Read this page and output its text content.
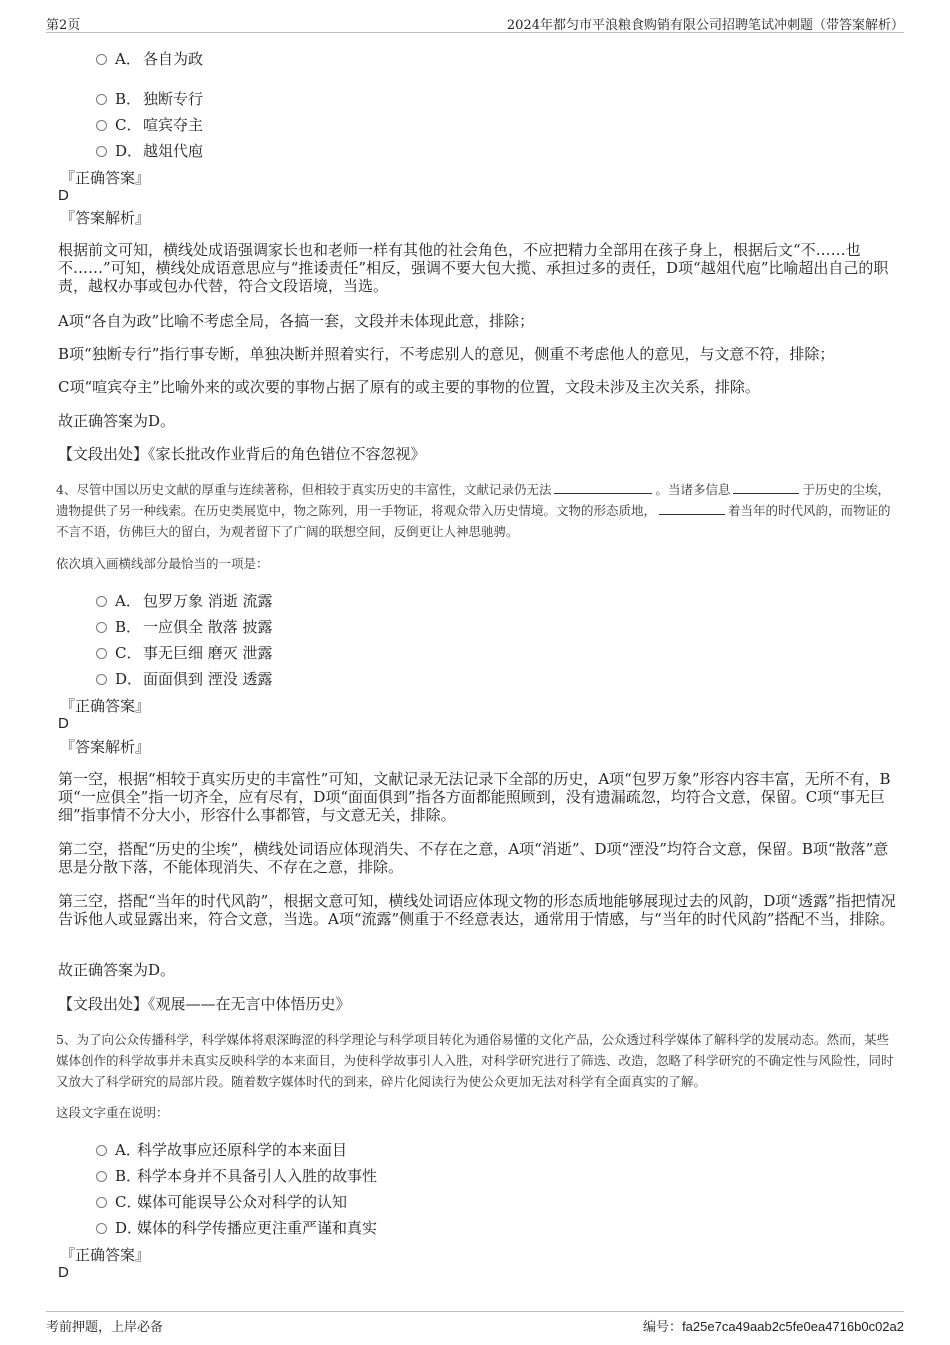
第2页	2024年都匀市平浪粮食购销有限公司招聘笔试冲刺题（带答案解析）
A． 各自为政
B． 独断专行
C． 喧宾夺主
D．越俎代庖
『正确答案』
D
『答案解析』
根据前文可知，横线处成语强调家长也和老师一样有其他的社会角色，不应把精力全部用在孩子身上，根据后文“不……也不……”可知，横线处成语意思应与“推诿责任”相反，强调不要大包大揽、承担过多的责任，D项“越俎代庖”比喻超出自己的职责，越权办事或包办代替，符合文段语境，当选。
A项“各自为政”比喻不考虑全局，各搞一套，文段并未体现此意，排除；
B项“独断专行”指行事专断，单独决断并照着实行，不考虑别人的意见，侧重不考虑他人的意见，与文意不符，排除；
C项“喧宾夺主”比喻外来的或次要的事物占据了原有的或主要的事物的位置，文段未涉及主次关系，排除。
故正确答案为D。
【文段出处】《家长批改作业背后的角色错位不容忽视》
4、尽管中国以历史文献的厚重与连续著称，但相较于真实历史的丰富性，文献记录仍无法	。当诸多信息	于历史的尘埃，遗物提供了另一种线索。在历史类展览中，物之陈列，用一手物证，将观众带入历史情境。文物的形态质地，	着当年的时代风韵，而物证的不言不语，仿佛巨大的留白，为观者留下了广阔的联想空间，反倒更让人神思驰骋。
依次填入画横线部分最恰当的一项是：
A． 包罗万象 消逝 流露
B． 一应俱全 散落 披露
C． 事无巨细 磨灭 泄露
D．面面俱到 湮没 透露
『正确答案』
D
『答案解析』
第一空，根据“相较于真实历史的丰富性”可知，文献记录无法记录下全部的历史，A项“包罗万象”形容内容丰富，无所不有，B项“一应俱全”指一切齐全，应有尽有，D项“面面俱到”指各方面都能照顾到，没有遗漏疏忽，均符合文意，保留。C项“事无巨细”指事情不分大小，形容什么事都管，与文意无关，排除。
第二空，搭配“历史的尘埃”，横线处词语应体现消失、不存在之意，A项“消逝”、D项“湮没”均符合文意，保留。B项“散落”意思是分散下落，不能体现消失、不存在之意，排除。
第三空，搭配“当年的时代风韵”，根据文意可知，横线处词语应体现文物的形态质地能够展现过去的风韵，D项“透露”指把情况告诉他人或显露出来，符合文意，当选。A项“流露”侧重于不经意表达，通常用于情感，与“当年的时代风韵”搭配不当，排除。
故正确答案为D。
【文段出处】《观展——在无言中体悟历史》
5、为了向公众传播科学，科学媒体将艰深晦涩的科学理论与科学项目转化为通俗易懂的文化产品，公众透过科学媒体了解科学的发展动态。然而，某些媒体创作的科学故事并未真实反映科学的本来面目，为使科学故事引人入胜，对科学研究进行了筛选、改造，忽略了科学研究的不确定性与风险性，同时又放大了科学研究的局部片段。随着数字媒体时代的到来，碎片化阅读行为使公众更加无法对科学有全面真实的了解。
这段文字重在说明：
A．科学故事应还原科学的本来面目
B．科学本身并不具备引人入胜的故事性
C．媒体可能误导公众对科学的认知
D．媒体的科学传播应更注重严谨和真实
『正确答案』
D
考前押题，上岸必备	编号：fa25e7ca49aab2c5fe0ea4716b0c02a2
